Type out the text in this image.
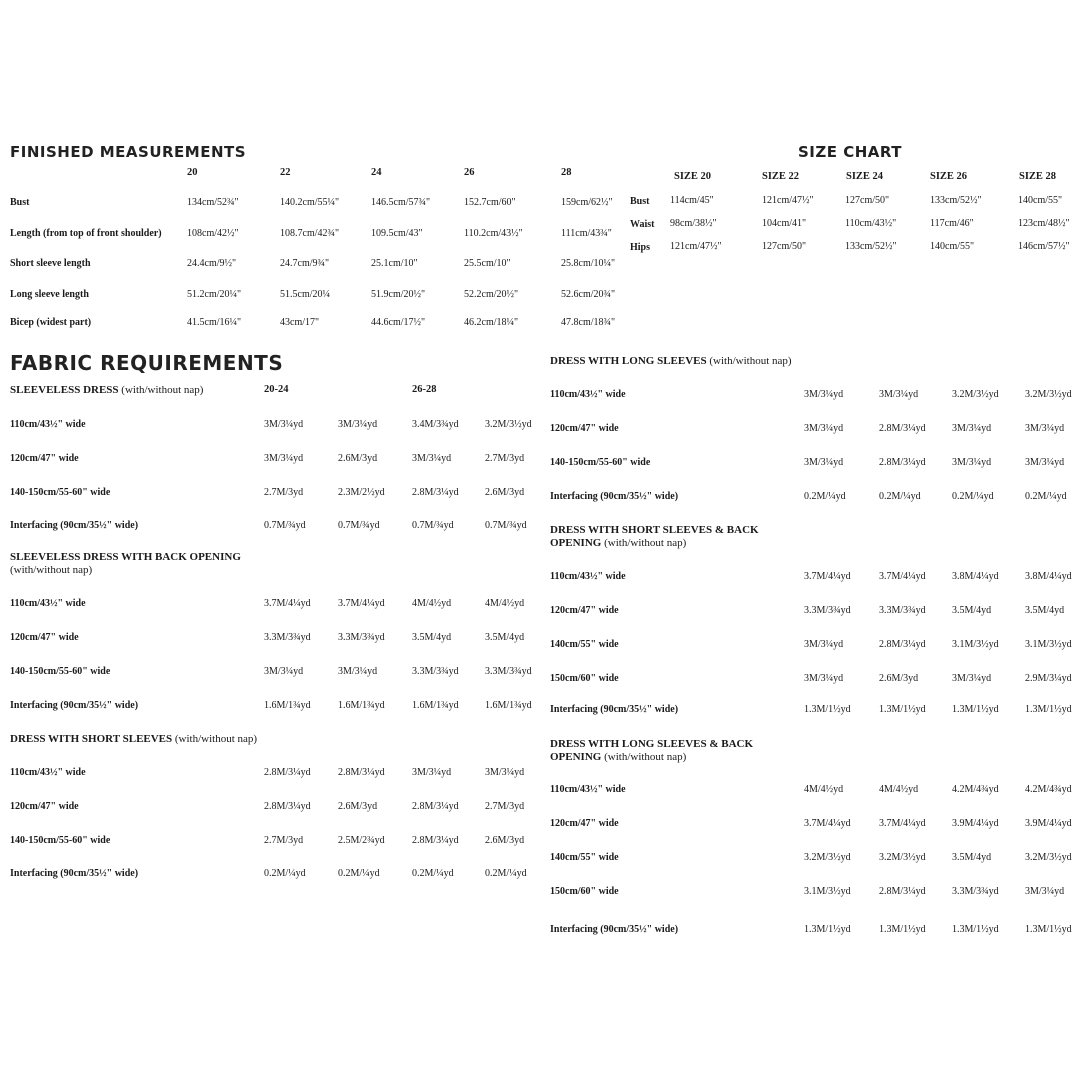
FINISHED MEASUREMENTS
20	22	24	26	28
Bust	134cm/52¾"	140.2cm/55¼"	146.5cm/57¾"	152.7cm/60"	159cm/62½"
Length (from top of front shoulder)	108cm/42½"	108.7cm/42¾"	109.5cm/43"	110.2cm/43½"	111cm/43¾"
Short sleeve length	24.4cm/9½"	24.7cm/9¾"	25.1cm/10"	25.5cm/10"	25.8cm/10¼"
Long sleeve length	51.2cm/20¼"	51.5cm/20¼	51.9cm/20½"	52.2cm/20½"	52.6cm/20¾"
Bicep (widest part)	41.5cm/16¼"	43cm/17"	44.6cm/17½"	46.2cm/18¼"	47.8cm/18¾"
SIZE CHART
SIZE 20	SIZE 22	SIZE 24	SIZE 26	SIZE 28
Bust 114cm/45"	121cm/47½"	127cm/50"	133cm/52½"	140cm/55"
Waist 98cm/38½"	104cm/41"	110cm/43½"	117cm/46"	123cm/48½"
Hips 121cm/47½"	127cm/50"	133cm/52½"	140cm/55"	146cm/57½"
FABRIC REQUIREMENTS
SLEEVELESS DRESS (with/without nap)	20-24	26-28
110cm/43½" wide	3M/3¼yd	3M/3¼yd	3.4M/3¾yd	3.2M/3½yd
120cm/47" wide	3M/3¼yd	2.6M/3yd	3M/3¼yd	2.7M/3yd
140-150cm/55-60" wide	2.7M/3yd	2.3M/2½yd	2.8M/3¼yd	2.6M/3yd
Interfacing (90cm/35½" wide)	0.7M/¾yd	0.7M/¾yd	0.7M/¾yd	0.7M/¾yd
SLEEVELESS DRESS WITH BACK OPENING
(with/without nap)
110cm/43½" wide	3.7M/4¼yd	3.7M/4¼yd	4M/4½yd	4M/4½yd
120cm/47" wide	3.3M/3¾yd	3.3M/3¾yd	3.5M/4yd	3.5M/4yd
140-150cm/55-60" wide	3M/3¼yd	3M/3¼yd	3.3M/3¾yd	3.3M/3¾yd
Interfacing (90cm/35½" wide)	1.6M/1¾yd	1.6M/1¾yd	1.6M/1¾yd	1.6M/1¾yd
DRESS WITH SHORT SLEEVES (with/without nap)
110cm/43½" wide	2.8M/3¼yd	2.8M/3¼yd	3M/3¼yd	3M/3¼yd
120cm/47" wide	2.8M/3¼yd	2.6M/3yd	2.8M/3¼yd	2.7M/3yd
140-150cm/55-60" wide	2.7M/3yd	2.5M/2¾yd	2.8M/3¼yd	2.6M/3yd
Interfacing (90cm/35½" wide)	0.2M/¼yd	0.2M/¼yd	0.2M/¼yd	0.2M/¼yd
DRESS WITH LONG SLEEVES (with/without nap)
110cm/43½" wide	3M/3¼yd	3M/3¼yd	3.2M/3½yd	3.2M/3½yd
120cm/47" wide	3M/3¼yd	2.8M/3¼yd	3M/3¼yd	3M/3¼yd
140-150cm/55-60" wide	3M/3¼yd	2.8M/3¼yd	3M/3¼yd	3M/3¼yd
Interfacing (90cm/35½" wide)	0.2M/¼yd	0.2M/¼yd	0.2M/¼yd	0.2M/¼yd
DRESS WITH SHORT SLEEVES & BACK
OPENING (with/without nap)
110cm/43½" wide	3.7M/4¼yd	3.7M/4¼yd	3.8M/4¼yd	3.8M/4¼yd
120cm/47" wide	3.3M/3¾yd	3.3M/3¾yd	3.5M/4yd	3.5M/4yd
140cm/55" wide	3M/3¼yd	2.8M/3¼yd	3.1M/3½yd	3.1M/3½yd
150cm/60" wide	3M/3¼yd	2.6M/3yd	3M/3¼yd	2.9M/3¼yd
Interfacing (90cm/35½" wide)	1.3M/1½yd	1.3M/1½yd	1.3M/1½yd	1.3M/1½yd
DRESS WITH LONG SLEEVES & BACK
OPENING (with/without nap)
110cm/43½" wide	4M/4½yd	4M/4½yd	4.2M/4¾yd	4.2M/4¾yd
120cm/47" wide	3.7M/4¼yd	3.7M/4¼yd	3.9M/4¼yd	3.9M/4¼yd
140cm/55" wide	3.2M/3½yd	3.2M/3½yd	3.5M/4yd	3.2M/3½yd
150cm/60" wide	3.1M/3½yd	2.8M/3¼yd	3.3M/3¾yd	3M/3¼yd
Interfacing (90cm/35½" wide)	1.3M/1½yd	1.3M/1½yd	1.3M/1½yd	1.3M/1½yd
